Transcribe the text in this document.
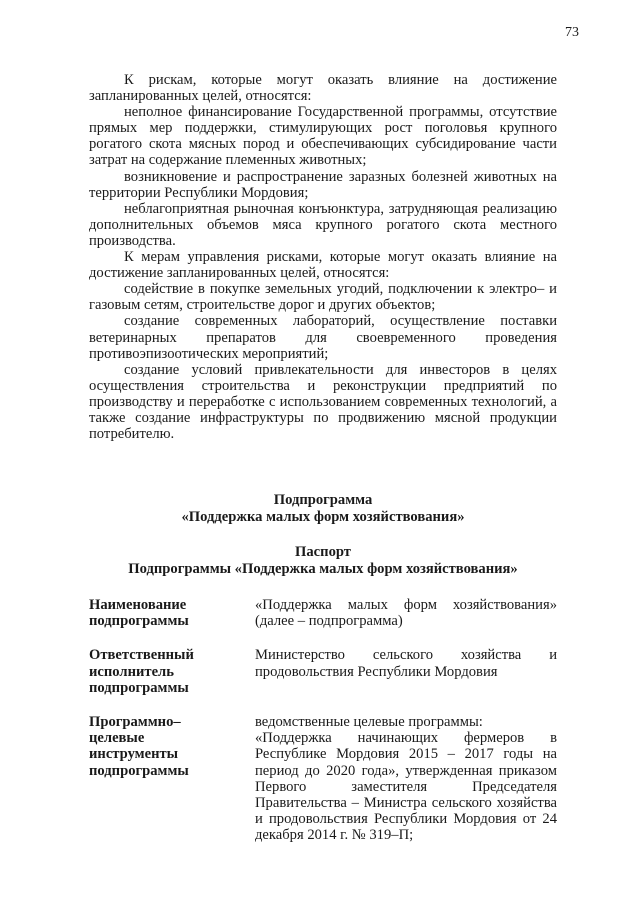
73

К рискам, которые могут оказать влияние на достижение запланированных целей, относятся:

неполное финансирование Государственной программы, отсутствие прямых мер поддержки, стимулирующих рост поголовья крупного рогатого скота мясных пород и обеспечивающих субсидирование части затрат на содержание племенных животных;

возникновение и распространение заразных болезней животных на территории Республики Мордовия;

неблагоприятная рыночная конъюнктура, затрудняющая реализацию дополнительных объемов мяса крупного рогатого скота местного производства.

К мерам управления рисками, которые могут оказать влияние на достижение запланированных целей, относятся:

содействие в покупке земельных угодий, подключении к электро– и газовым сетям, строительстве дорог и других объектов;

создание современных лабораторий, осуществление поставки ветеринарных препаратов для своевременного проведения противоэпизоотических мероприятий;

создание условий привлекательности для инвесторов в целях осуществления строительства и реконструкции предприятий по производству и переработке с использованием современных технологий, а также создание инфраструктуры по продвижению мясной продукции потребителю.

Подпрограмма

«Поддержка малых форм хозяйствования»

Паспорт

Подпрограммы «Поддержка малых форм хозяйствования»

Наименование
подпрограммы

«Поддержка малых форм хозяйствования» (далее – подпрограмма)

Ответственный
исполнитель
подпрограммы

Министерство сельского хозяйства и продовольствия Республики Мордовия

Программно–
целевые
инструменты
подпрограммы

ведомственные целевые программы:

«Поддержка начинающих фермеров в Республике Мордовия 2015 – 2017 годы на период до 2020 года», утвержденная приказом Первого заместителя Председателя Правительства – Министра сельского хозяйства и продовольствия Республики Мордовия от 24 декабря 2014 г. № 319–П;
